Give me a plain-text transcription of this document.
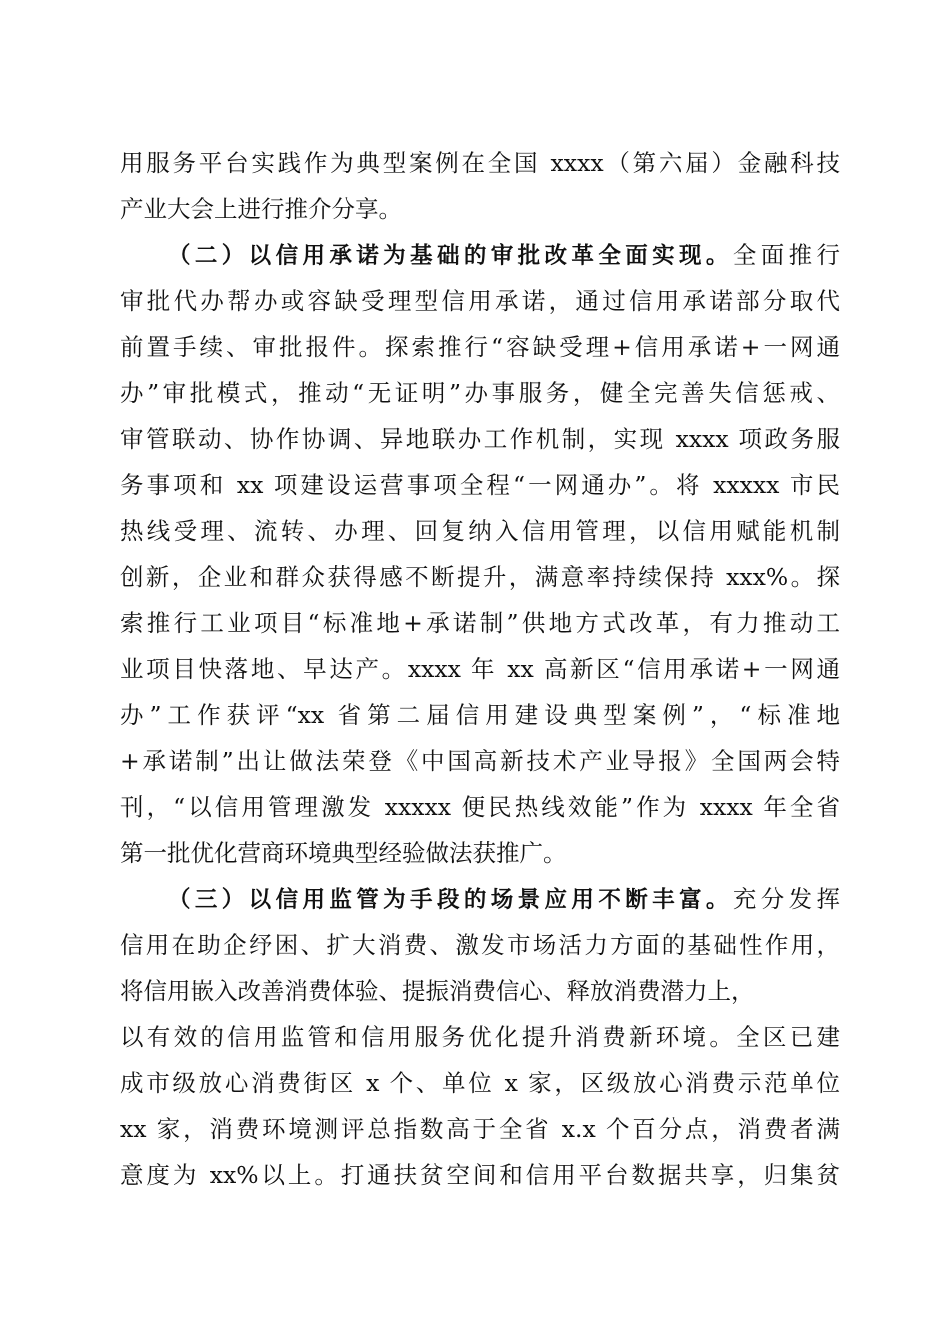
用服务平台实践作为典型案例在全国 xxxx（第六届）金融科技
产业大会上进行推介分享。
（二）以信用承诺为基础的审批改革全面实现。全面推行
审批代办帮办或容缺受理型信用承诺，通过信用承诺部分取代
前置手续、审批报件。探索推行“容缺受理+信用承诺+一网通
办”审批模式，推动“无证明”办事服务，健全完善失信惩戒、
审管联动、协作协调、异地联办工作机制，实现 xxxx 项政务服
务事项和 xx 项建设运营事项全程“一网通办”。将 xxxxx 市民
热线受理、流转、办理、回复纳入信用管理，以信用赋能机制
创新，企业和群众获得感不断提升，满意率持续保持 xxx%。探
索推行工业项目“标准地+承诺制”供地方式改革，有力推动工
业项目快落地、早达产。xxxx 年 xx 高新区“信用承诺+一网通
办”工作获评“xx 省第二届信用建设典型案例”，“标准地
+承诺制”出让做法荣登《中国高新技术产业导报》全国两会特
刊，“以信用管理激发 xxxxx 便民热线效能”作为 xxxx 年全省
第一批优化营商环境典型经验做法获推广。
（三）以信用监管为手段的场景应用不断丰富。充分发挥
信用在助企纾困、扩大消费、激发市场活力方面的基础性作用，
将信用嵌入改善消费体验、提振消费信心、释放消费潜力上，
以有效的信用监管和信用服务优化提升消费新环境。全区已建
成市级放心消费街区 x 个、单位 x 家，区级放心消费示范单位
xx 家，消费环境测评总指数高于全省 x.x 个百分点，消费者满
意度为 xx%以上。打通扶贫空间和信用平台数据共享，归集贫
